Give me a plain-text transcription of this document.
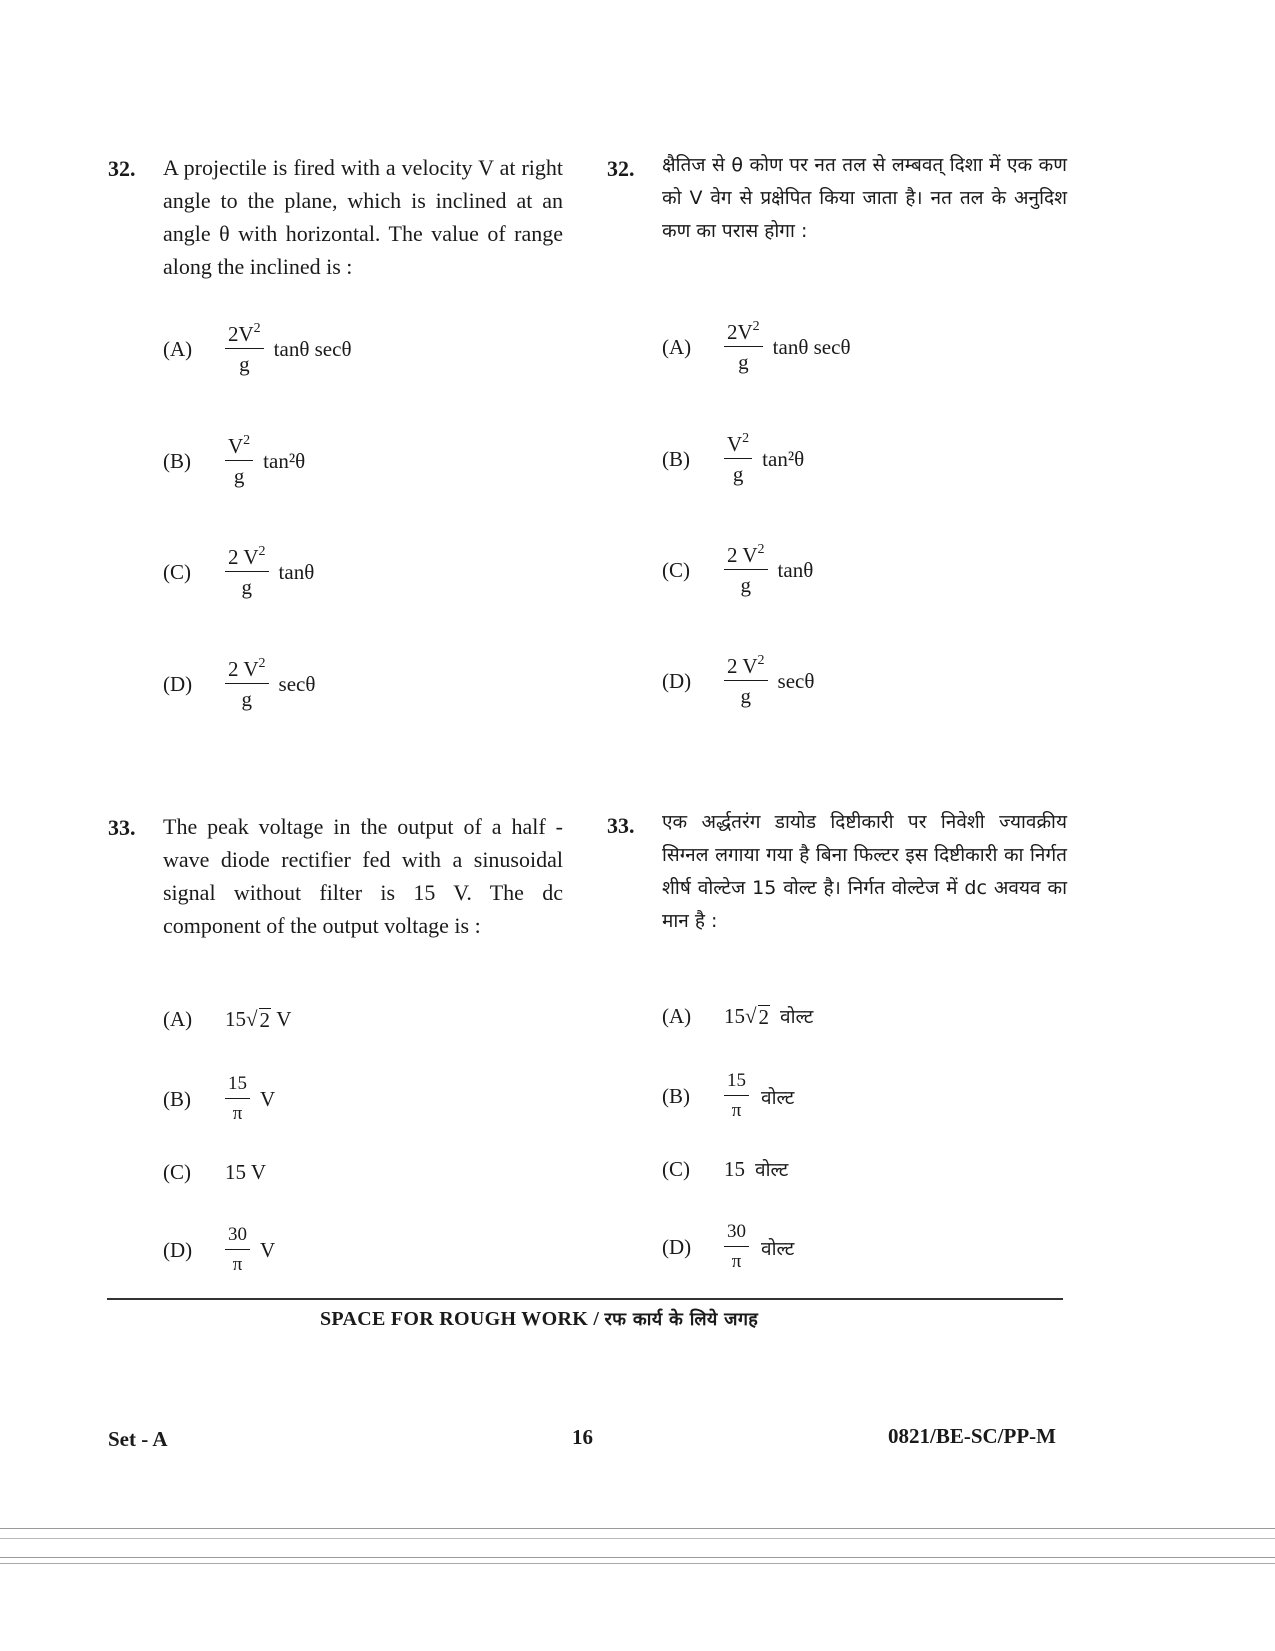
32. A projectile is fired with a velocity V at right angle to the plane, which is inclined at an angle θ with horizontal. The value of range along the inclined is :
32. क्षैतिज से θ कोण पर नत तल से लम्बवत् दिशा में एक कण को V वेग से प्रक्षेपित किया जाता है। नत तल के अनुदिश कण का परास होगा :
(A)	$\frac{2V^2}{g}$ tanθ secθ
(B)	$\frac{V^2}{g} \tan^2\theta$
(C)	$\frac{2 V^2}{g}$ tanθ
(D)	$\frac{2 V^2}{g}$ secθ
(A)	$\frac{2V^2}{g}$ tanθ secθ
(B)	$\frac{V^2}{g} \tan^2\theta$
(C)	$\frac{2 V^2}{g}$ tanθ
(D)	$\frac{2 V^2}{g}$ secθ
33. The peak voltage in the output of a half - wave diode rectifier fed with a sinusoidal signal without filter is 15 V. The dc component of the output voltage is :
33. एक अर्द्धतरंग डायोड दिष्टीकारी पर निवेशी ज्यावक्रीय सिग्नल लगाया गया है बिना फिल्टर इस दिष्टीकारी का निर्गत शीर्ष वोल्टेज 15 वोल्ट है। निर्गत वोल्टेज में dc अवयव का मान है :
(A)	15 √ 2
V
(B)	$\frac{15}{\pi}$ V
(C)	15 V
(D)	$\frac{30}{\pi}$ V
(A)	15 √ 2 वोल्ट
(B)	$\frac{15}{\pi}$ वोल्ट
(C)	15 वोल्ट
(D)	$\frac{30}{\pi}$ वोल्ट
SPACE FOR ROUGH WORK / रफ कार्य के लिये जगह
Set - A	16	0821/BE-SC/PP-M
